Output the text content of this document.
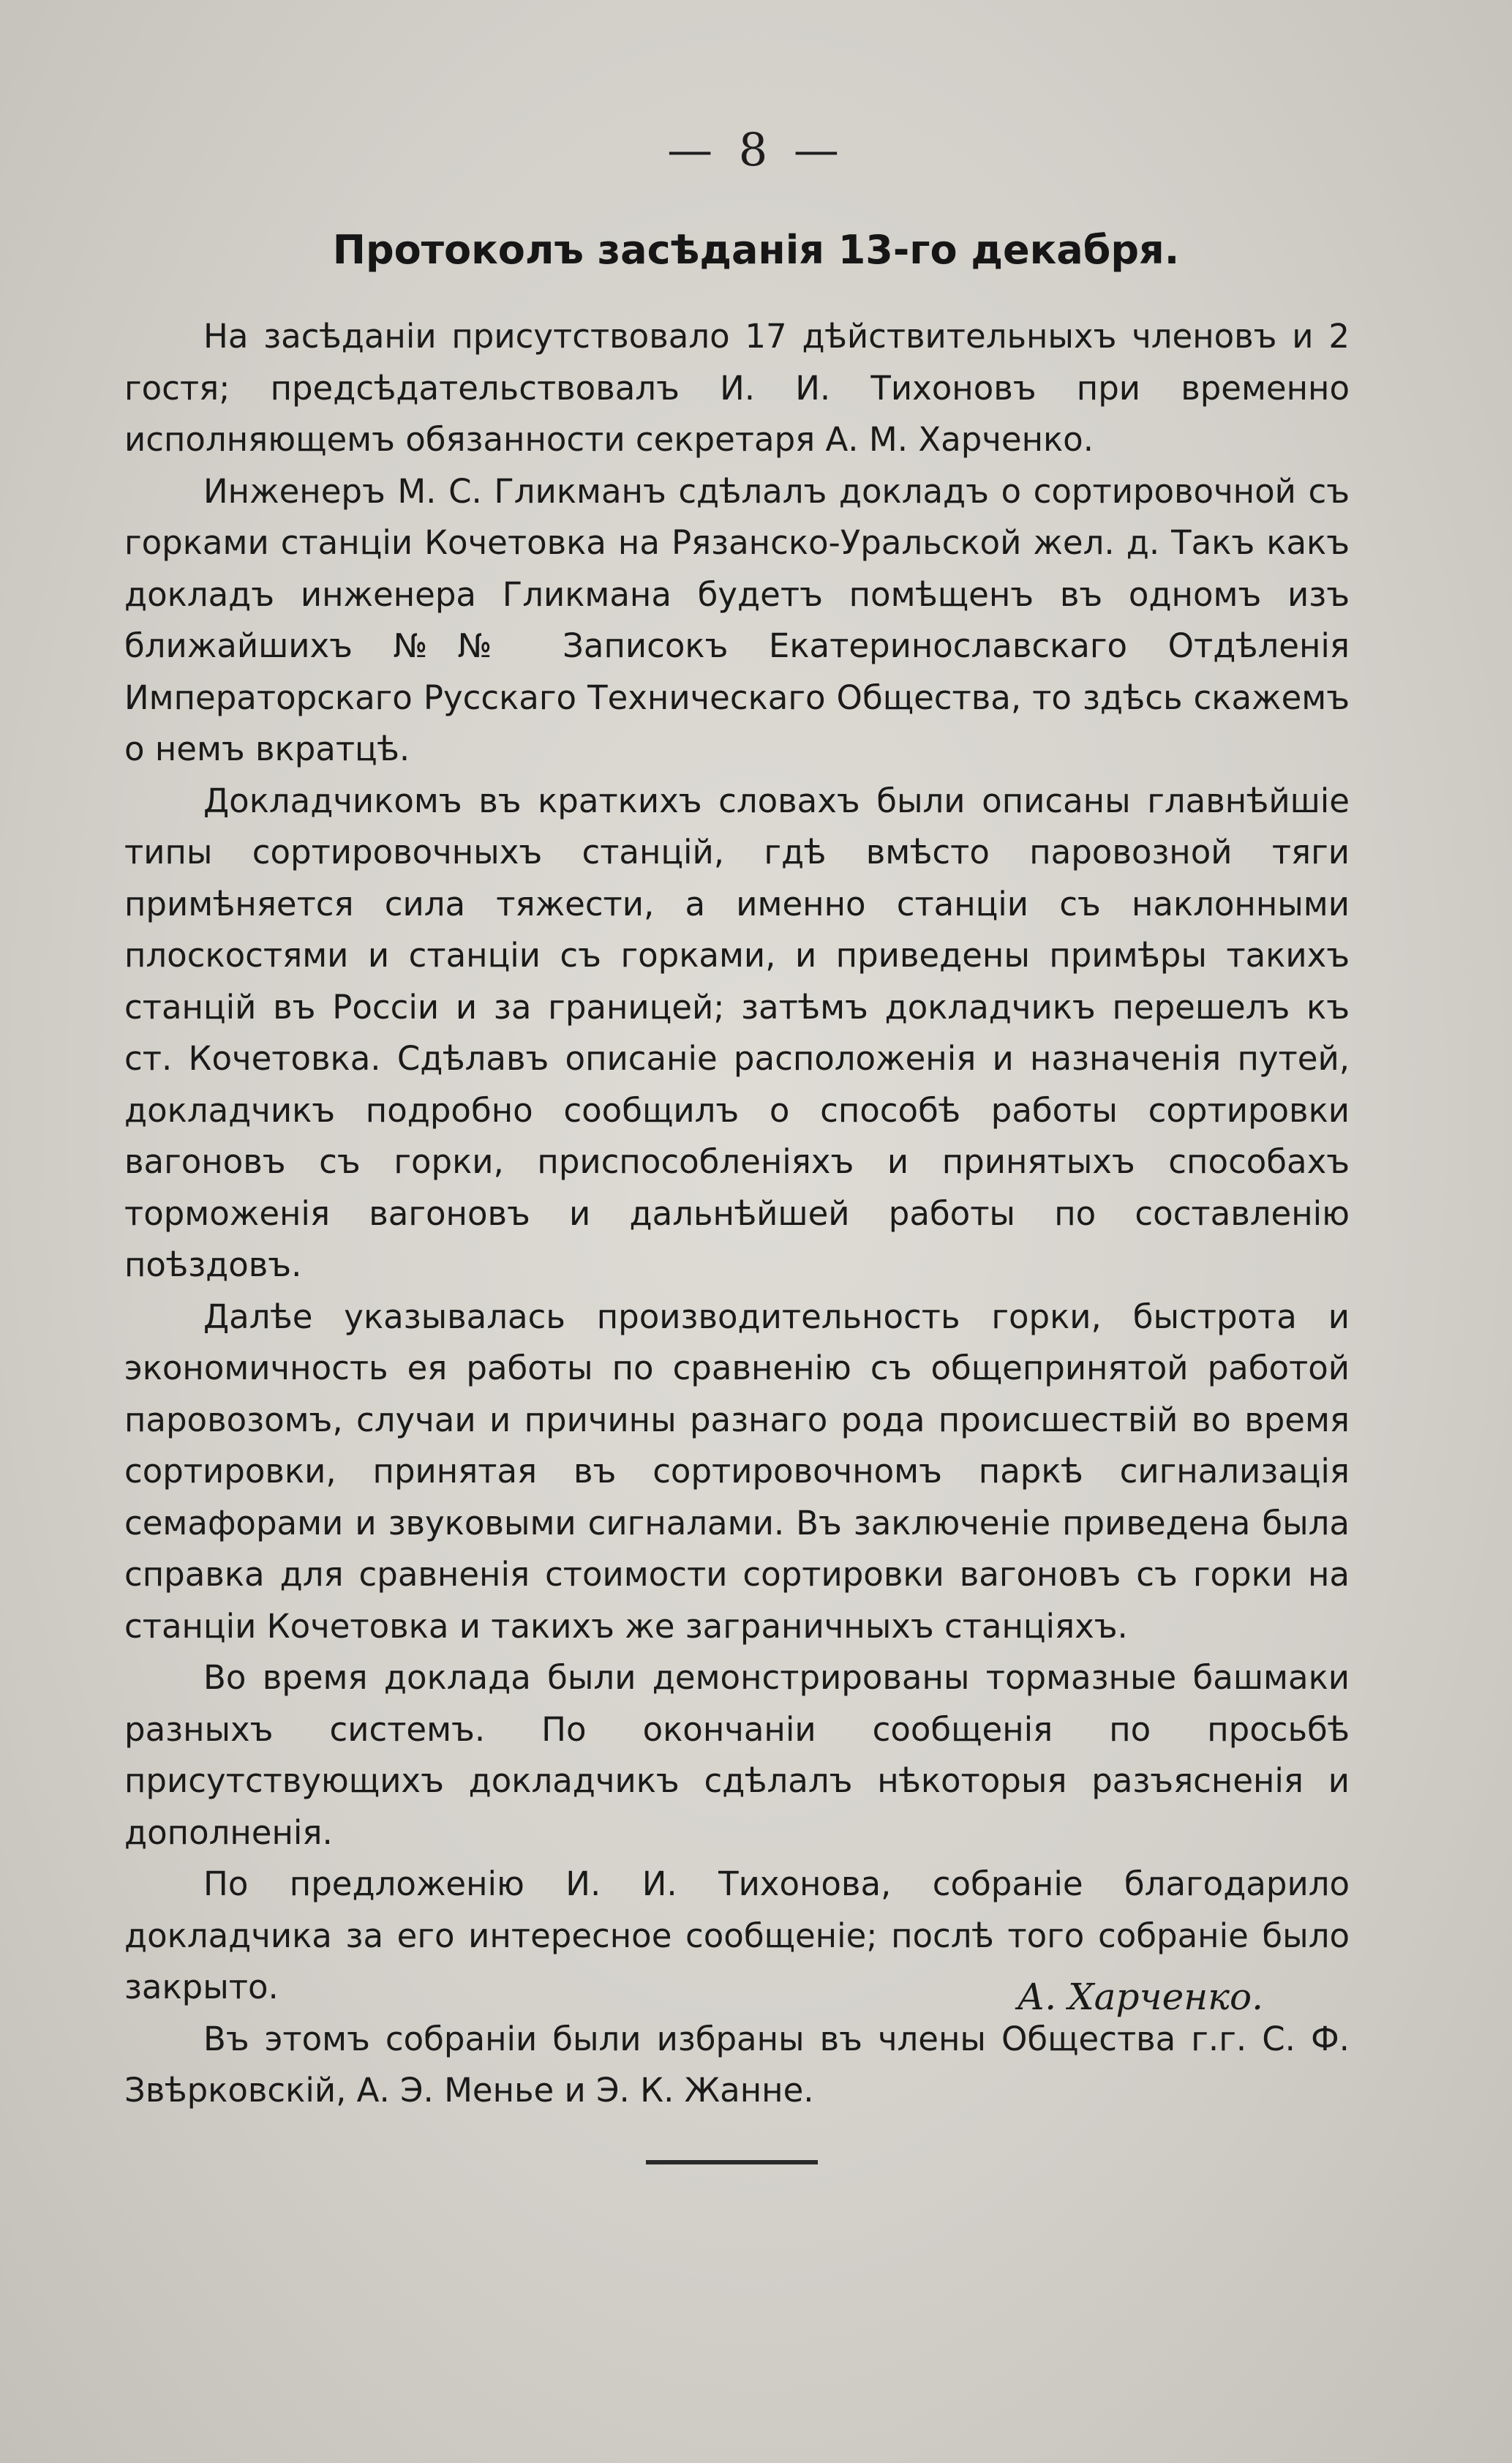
— 8 —
Протоколъ засѣданія 13-го декабря.

На засѣданіи присутствовало 17 дѣйствительныхъ членовъ и 2 гостя; предсѣдательствовалъ И. И. Тихоновъ при временно исполняющемъ обязанности секретаря А. М. Харченко.

Инженеръ М. С. Гликманъ сдѣлалъ докладъ о сортировочной съ горками станціи Кочетовка на Рязанско-Уральской жел. д. Такъ какъ докладъ инженера Гликмана будетъ помѣщенъ въ одномъ изъ ближайшихъ №№ Записокъ Екатеринославскаго Отдѣленія Императорскаго Русскаго Техническаго Общества, то здѣсь скажемъ о немъ вкратцѣ.

Докладчикомъ въ краткихъ словахъ были описаны главнѣйшіе типы сортировочныхъ станцій, гдѣ вмѣсто паровозной тяги примѣняется сила тяжести, а именно станціи съ наклонными плоскостями и станціи съ горками, и приведены примѣры такихъ станцій въ Россіи и за границей; затѣмъ докладчикъ перешелъ къ ст. Кочетовка. Сдѣлавъ описаніе расположенія и назначенія путей, докладчикъ подробно сообщилъ о способѣ работы сортировки вагоновъ съ горки, приспособленіяхъ и принятыхъ способахъ торможенія вагоновъ и дальнѣйшей работы по составленію поѣздовъ.

Далѣе указывалась производительность горки, быстрота и экономичность ея работы по сравненію съ общепринятой работой паровозомъ, случаи и причины разнаго рода происшествій во время сортировки, принятая въ сортировочномъ паркѣ сигнализація семафорами и звуковыми сигналами. Въ заключеніе приведена была справка для сравненія стоимости сортировки вагоновъ съ горки на станціи Кочетовка и такихъ же заграничныхъ станціяхъ.

Во время доклада были демонстрированы тормазные башмаки разныхъ системъ. По окончаніи сообщенія по просьбѣ присутствующихъ докладчикъ сдѣлалъ нѣкоторыя разъясненія и дополненія.

По предложенію И. И. Тихонова, собраніе благодарило докладчика за его интересное сообщеніе; послѣ того собраніе было закрыто.

Въ этомъ собраніи были избраны въ члены Общества г.г. С. Ф. Звѣрковскій, А. Э. Менье и Э. К. Жанне.

А. Харченко.
